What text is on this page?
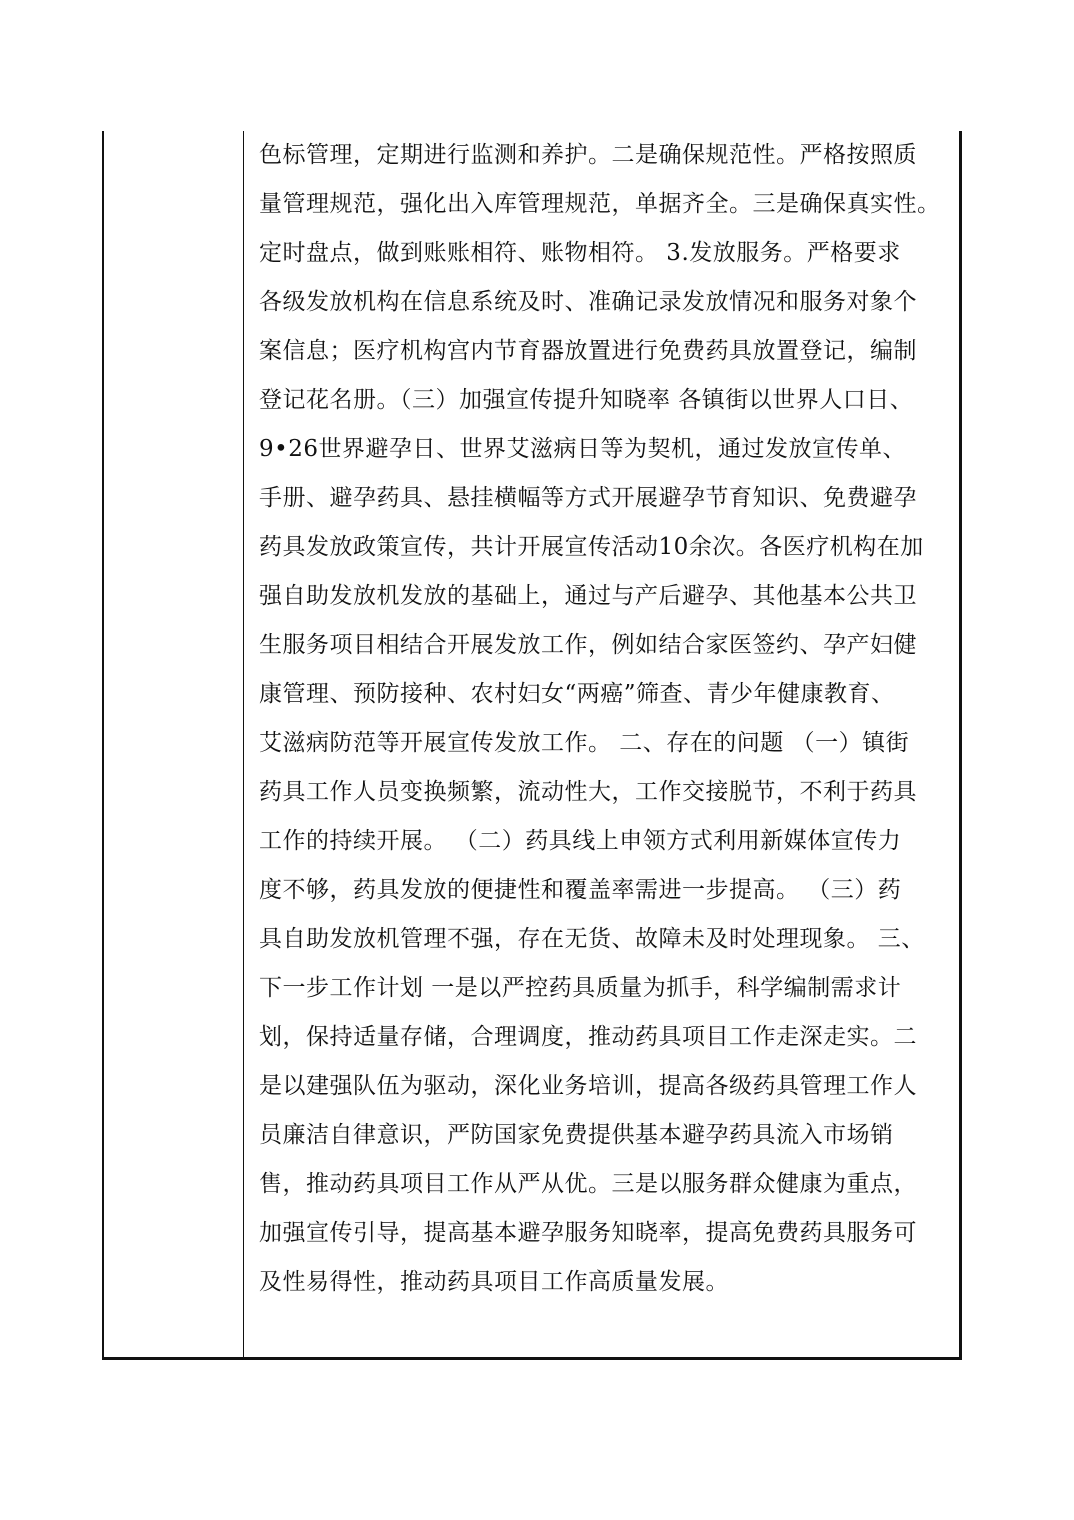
色标管理，定期进行监测和养护。二是确保规范性。严格按照质
量管理规范，强化出入库管理规范，单据齐全。三是确保真实性。
定时盘点，做到账账相符、账物相符。 3.发放服务。严格要求
各级发放机构在信息系统及时、准确记录发放情况和服务对象个
案信息；医疗机构宫内节育器放置进行免费药具放置登记，编制
登记花名册。（三）加强宣传提升知晓率 各镇街以世界人口日、
9•26世界避孕日、世界艾滋病日等为契机，通过发放宣传单、
手册、避孕药具、悬挂横幅等方式开展避孕节育知识、免费避孕
药具发放政策宣传，共计开展宣传活动10余次。各医疗机构在加
强自助发放机发放的基础上，通过与产后避孕、其他基本公共卫
生服务项目相结合开展发放工作，例如结合家医签约、孕产妇健
康管理、预防接种、农村妇女“两癌”筛查、青少年健康教育、
艾滋病防范等开展宣传发放工作。 二、存在的问题 （一）镇街
药具工作人员变换频繁，流动性大，工作交接脱节，不利于药具
工作的持续开展。 （二）药具线上申领方式利用新媒体宣传力
度不够，药具发放的便捷性和覆盖率需进一步提高。 （三）药
具自助发放机管理不强，存在无货、故障未及时处理现象。 三、
下一步工作计划 一是以严控药具质量为抓手，科学编制需求计
划，保持适量存储，合理调度，推动药具项目工作走深走实。二
是以建强队伍为驱动，深化业务培训，提高各级药具管理工作人
员廉洁自律意识，严防国家免费提供基本避孕药具流入市场销
售，推动药具项目工作从严从优。三是以服务群众健康为重点，
加强宣传引导，提高基本避孕服务知晓率，提高免费药具服务可
及性易得性，推动药具项目工作高质量发展。
